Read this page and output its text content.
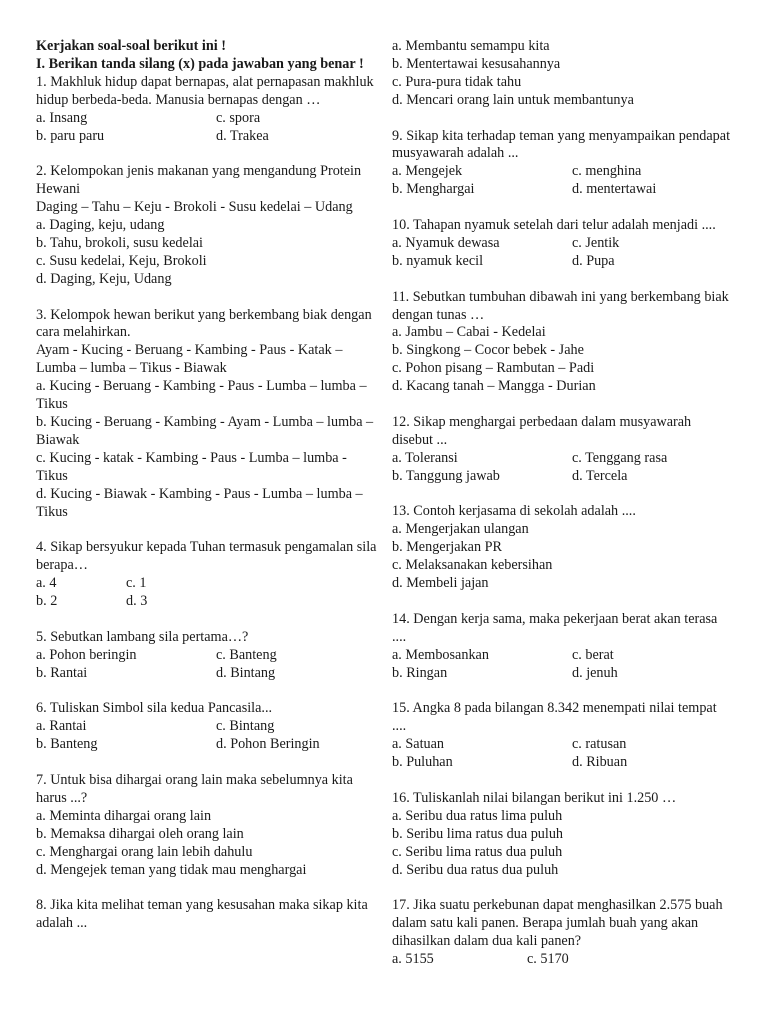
Kerjakan soal-soal berikut ini !
I. Berikan tanda silang (x) pada jawaban yang benar !

1. Makhluk hidup dapat bernapas, alat pernapasan makhluk hidup berbeda-beda. Manusia bernapas dengan …

a. Insang	c. spora
b. paru paru	d. Trakea

2. Kelompokan jenis makanan yang mengandung Protein Hewani

Daging – Tahu – Keju - Brokoli - Susu kedelai – Udang

a. Daging, keju, udang
b. Tahu, brokoli, susu kedelai
c. Susu kedelai, Keju, Brokoli
d. Daging, Keju, Udang

3. Kelompok hewan berikut yang berkembang biak dengan cara melahirkan.

Ayam - Kucing - Beruang - Kambing - Paus - Katak – Lumba – lumba – Tikus - Biawak

a. Kucing - Beruang - Kambing - Paus - Lumba – lumba – Tikus
b. Kucing - Beruang - Kambing - Ayam - Lumba – lumba – Biawak
c. Kucing - katak - Kambing - Paus - Lumba – lumba - Tikus
d. Kucing - Biawak - Kambing - Paus - Lumba – lumba – Tikus

4. Sikap bersyukur kepada Tuhan termasuk pengamalan sila berapa…

a. 4	c. 1
b. 2	d. 3

5. Sebutkan lambang sila pertama…?

a. Pohon beringin	c. Banteng
b. Rantai	d. Bintang

6. Tuliskan Simbol sila kedua Pancasila...

a. Rantai	c. Bintang
b. Banteng	d. Pohon Beringin

7. Untuk bisa dihargai orang lain maka sebelumnya kita harus ...?

a. Meminta dihargai orang lain
b. Memaksa dihargai oleh orang lain
c. Menghargai orang lain lebih dahulu
d. Mengejek teman yang tidak mau menghargai

8. Jika kita melihat teman yang kesusahan maka sikap kita adalah ...

a. Membantu semampu kita
b. Mentertawai kesusahannya
c. Pura-pura tidak tahu
d. Mencari orang lain untuk membantunya

9. Sikap kita terhadap teman yang menyampaikan pendapat musyawarah adalah ...

a. Mengejek	c. menghina
b. Menghargai	d. mentertawai

10. Tahapan nyamuk setelah dari telur adalah menjadi ....

a. Nyamuk dewasa	c. Jentik
b. nyamuk kecil	d. Pupa

11. Sebutkan tumbuhan dibawah ini yang berkembang biak dengan tunas …

a. Jambu – Cabai - Kedelai
b. Singkong – Cocor bebek - Jahe
c. Pohon pisang – Rambutan – Padi
d. Kacang tanah – Mangga - Durian

12. Sikap menghargai perbedaan dalam musyawarah disebut ...

a. Toleransi	c. Tenggang rasa
b. Tanggung jawab	d. Tercela

13. Contoh kerjasama di sekolah adalah ....

a. Mengerjakan ulangan
b. Mengerjakan PR
c. Melaksanakan kebersihan
d. Membeli jajan

14. Dengan kerja sama, maka pekerjaan berat akan terasa ....

a. Membosankan	c. berat
b. Ringan	d. jenuh

15. Angka 8 pada bilangan 8.342 menempati nilai tempat ....

a. Satuan	c. ratusan
b. Puluhan	d. Ribuan

16. Tuliskanlah nilai bilangan berikut ini 1.250 …

a. Seribu dua ratus lima puluh
b. Seribu lima ratus dua puluh
c. Seribu lima ratus dua puluh
d. Seribu dua ratus dua puluh

17. Jika suatu perkebunan dapat menghasilkan 2.575 buah dalam satu kali panen. Berapa jumlah buah yang akan dihasilkan dalam dua kali panen?

a. 5155	c. 5170
